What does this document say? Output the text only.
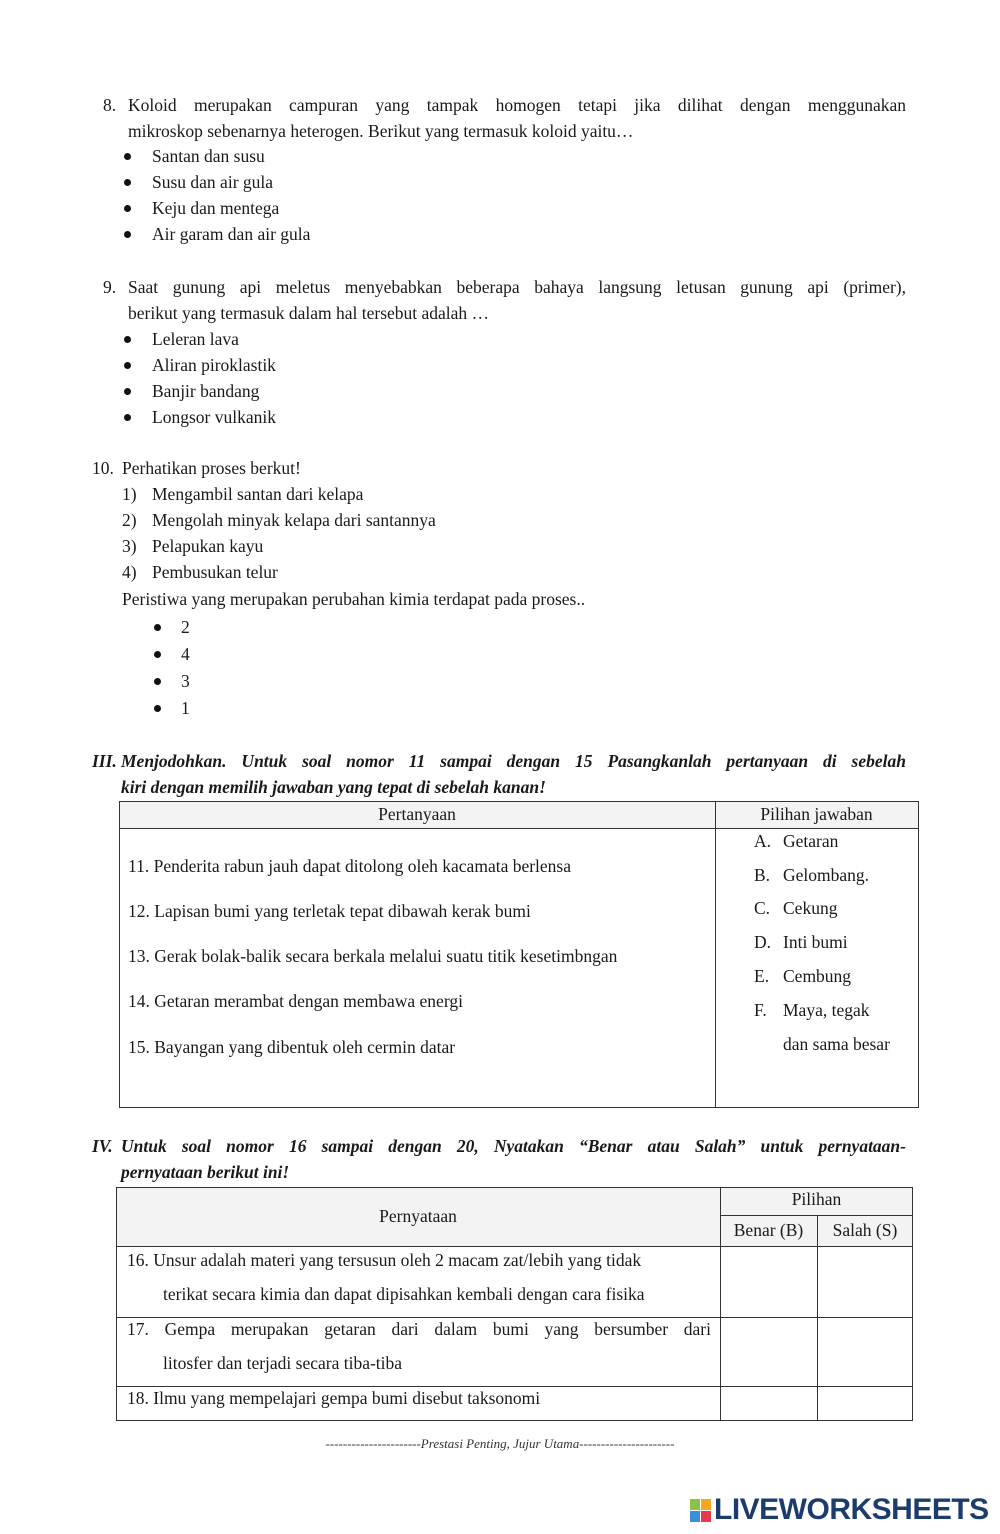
8. Koloid merupakan campuran yang tampak homogen tetapi jika dilihat dengan menggunakan
mikroskop sebenarnya heterogen. Berikut yang termasuk koloid yaitu…
9. Saat gunung api meletus menyebabkan beberapa bahaya langsung letusan gunung api (primer),
berikut yang termasuk dalam hal tersebut adalah …
10. Perhatikan proses berkut!
Peristiwa yang merupakan perubahan kimia terdapat pada proses..
III. Menjodohkan. Untuk soal nomor 11 sampai dengan 15 Pasangkanlah pertanyaan di sebelah
kiri dengan memilih jawaban yang tepat di sebelah kanan!
Pertanyaan	Pilihan jawaban
IV. Untuk soal nomor 16 sampai dengan 20, Nyatakan “Benar atau Salah” untuk pernyataan-
pernyataan berikut ini!
Pernyataan
Pilihan
Benar (B)	Salah (S)
----------------------Prestasi Penting, Jujur Utama----------------------
LIVEWORKSHEETS
Santan dan susu
Susu dan air gula
Keju dan mentega
Air garam dan air gula
Leleran lava
Aliran piroklastik
Banjir bandang
Longsor vulkanik
1) Mengambil santan dari kelapa
2) Mengolah minyak kelapa dari santannya
3) Pelapukan kayu
4) Pembusukan telur
2
4
3
1
11. Penderita rabun jauh dapat ditolong oleh kacamata berlensa
12. Lapisan bumi yang terletak tepat dibawah kerak bumi
13. Gerak bolak-balik secara berkala melalui suatu titik kesetimbngan
14. Getaran merambat dengan membawa energi
15. Bayangan yang dibentuk oleh cermin datar
A. Getaran
B. Gelombang.
C. Cekung
D. Inti bumi
E. Cembung
F. Maya, tegak
dan sama besar
16. Unsur adalah materi yang tersusun oleh 2 macam zat/lebih yang tidak
terikat secara kimia dan dapat dipisahkan kembali dengan cara fisika
17. Gempa merupakan getaran dari dalam bumi yang bersumber dari
litosfer dan terjadi secara tiba-tiba
18. Ilmu yang mempelajari gempa bumi disebut taksonomi
